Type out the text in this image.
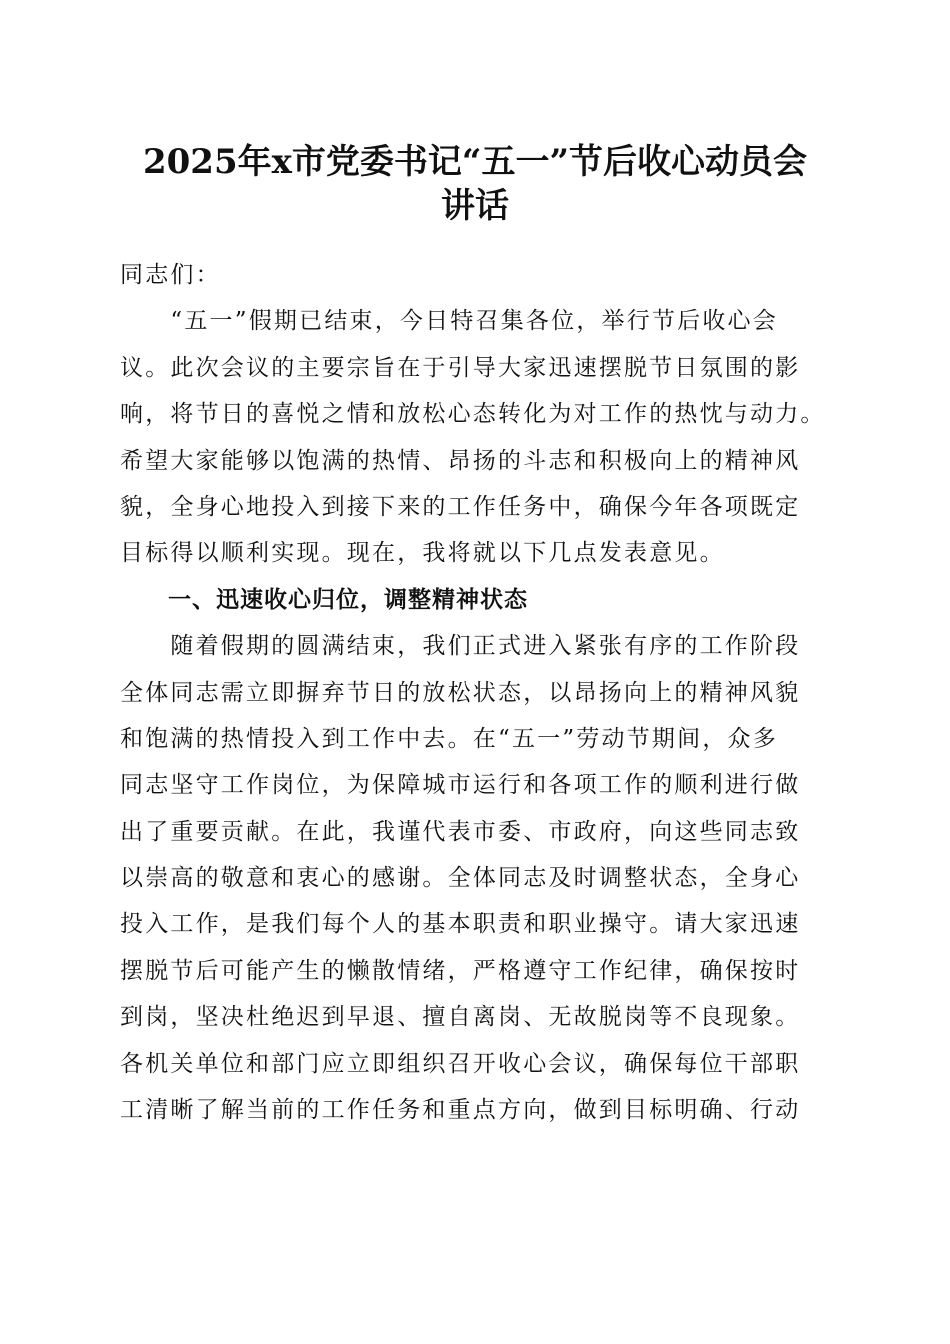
2025年x市党委书记“五一”节后收心动员会
讲话
同志们：
　　“五一”假期已结束，今日特召集各位，举行节后收心会
议。此次会议的主要宗旨在于引导大家迅速摆脱节日氛围的影
响，将节日的喜悦之情和放松心态转化为对工作的热忱与动力。
希望大家能够以饱满的热情、昂扬的斗志和积极向上的精神风
貌，全身心地投入到接下来的工作任务中，确保今年各项既定
目标得以顺利实现。现在，我将就以下几点发表意见。
　　一、迅速收心归位，调整精神状态
　　随着假期的圆满结束，我们正式进入紧张有序的工作阶段
全体同志需立即摒弃节日的放松状态，以昂扬向上的精神风貌
和饱满的热情投入到工作中去。在“五一”劳动节期间，众多
同志坚守工作岗位，为保障城市运行和各项工作的顺利进行做
出了重要贡献。在此，我谨代表市委、市政府，向这些同志致
以崇高的敬意和衷心的感谢。全体同志及时调整状态，全身心
投入工作，是我们每个人的基本职责和职业操守。请大家迅速
摆脱节后可能产生的懒散情绪，严格遵守工作纪律，确保按时
到岗，坚决杜绝迟到早退、擅自离岗、无故脱岗等不良现象。
各机关单位和部门应立即组织召开收心会议，确保每位干部职
工清晰了解当前的工作任务和重点方向，做到目标明确、行动
